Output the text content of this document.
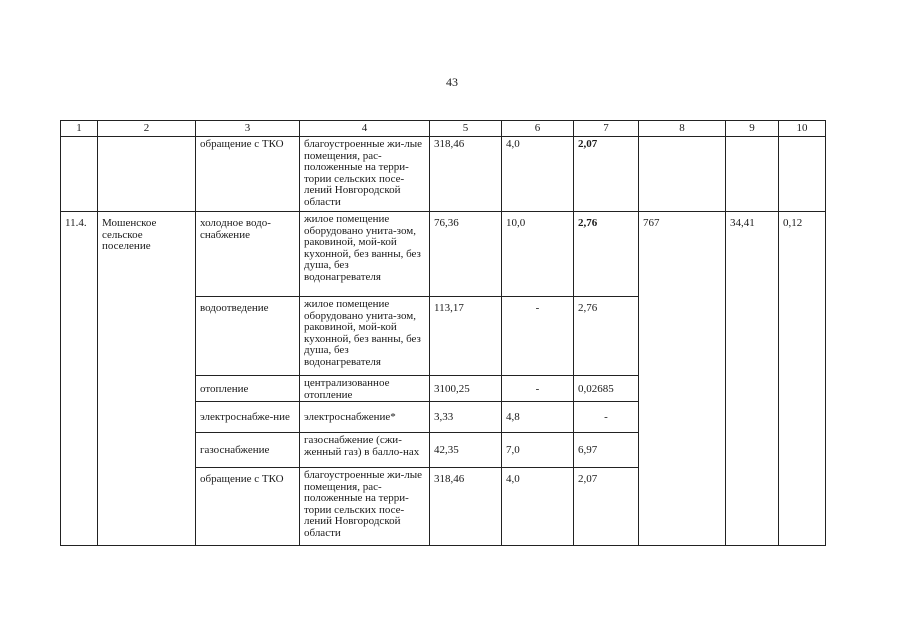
43
1	2	3	4	5	6	7	8	9	10
		обращение с ТКО	благоустроенные жи-лые помещения, рас-положенные на терри-тории сельских посе-лений Новгородской области	318,46	4,0	2,07			
11.4.	Мошенское сельское поселение	холодное водо-снабжение	жилое помещение оборудовано унита-зом, раковиной, мой-кой кухонной, без ванны, без душа, без водонагревателя	76,36	10,0	2,76	767	34,41	0,12
		водоотведение	жилое помещение оборудовано унита-зом, раковиной, мой-кой кухонной, без ванны, без душа, без водонагревателя	113,17	-	2,76			
		отопление	централизованное отопление	3100,25	-	0,02685			
		электроснабже-ние	электроснабжение*	3,33	4,8	-			
		газоснабжение	газоснабжение (сжи-женный газ) в балло-нах	42,35	7,0	6,97			
		обращение с ТКО	благоустроенные жи-лые помещения, рас-положенные на терри-тории сельских посе-лений Новгородской области	318,46	4,0	2,07			
